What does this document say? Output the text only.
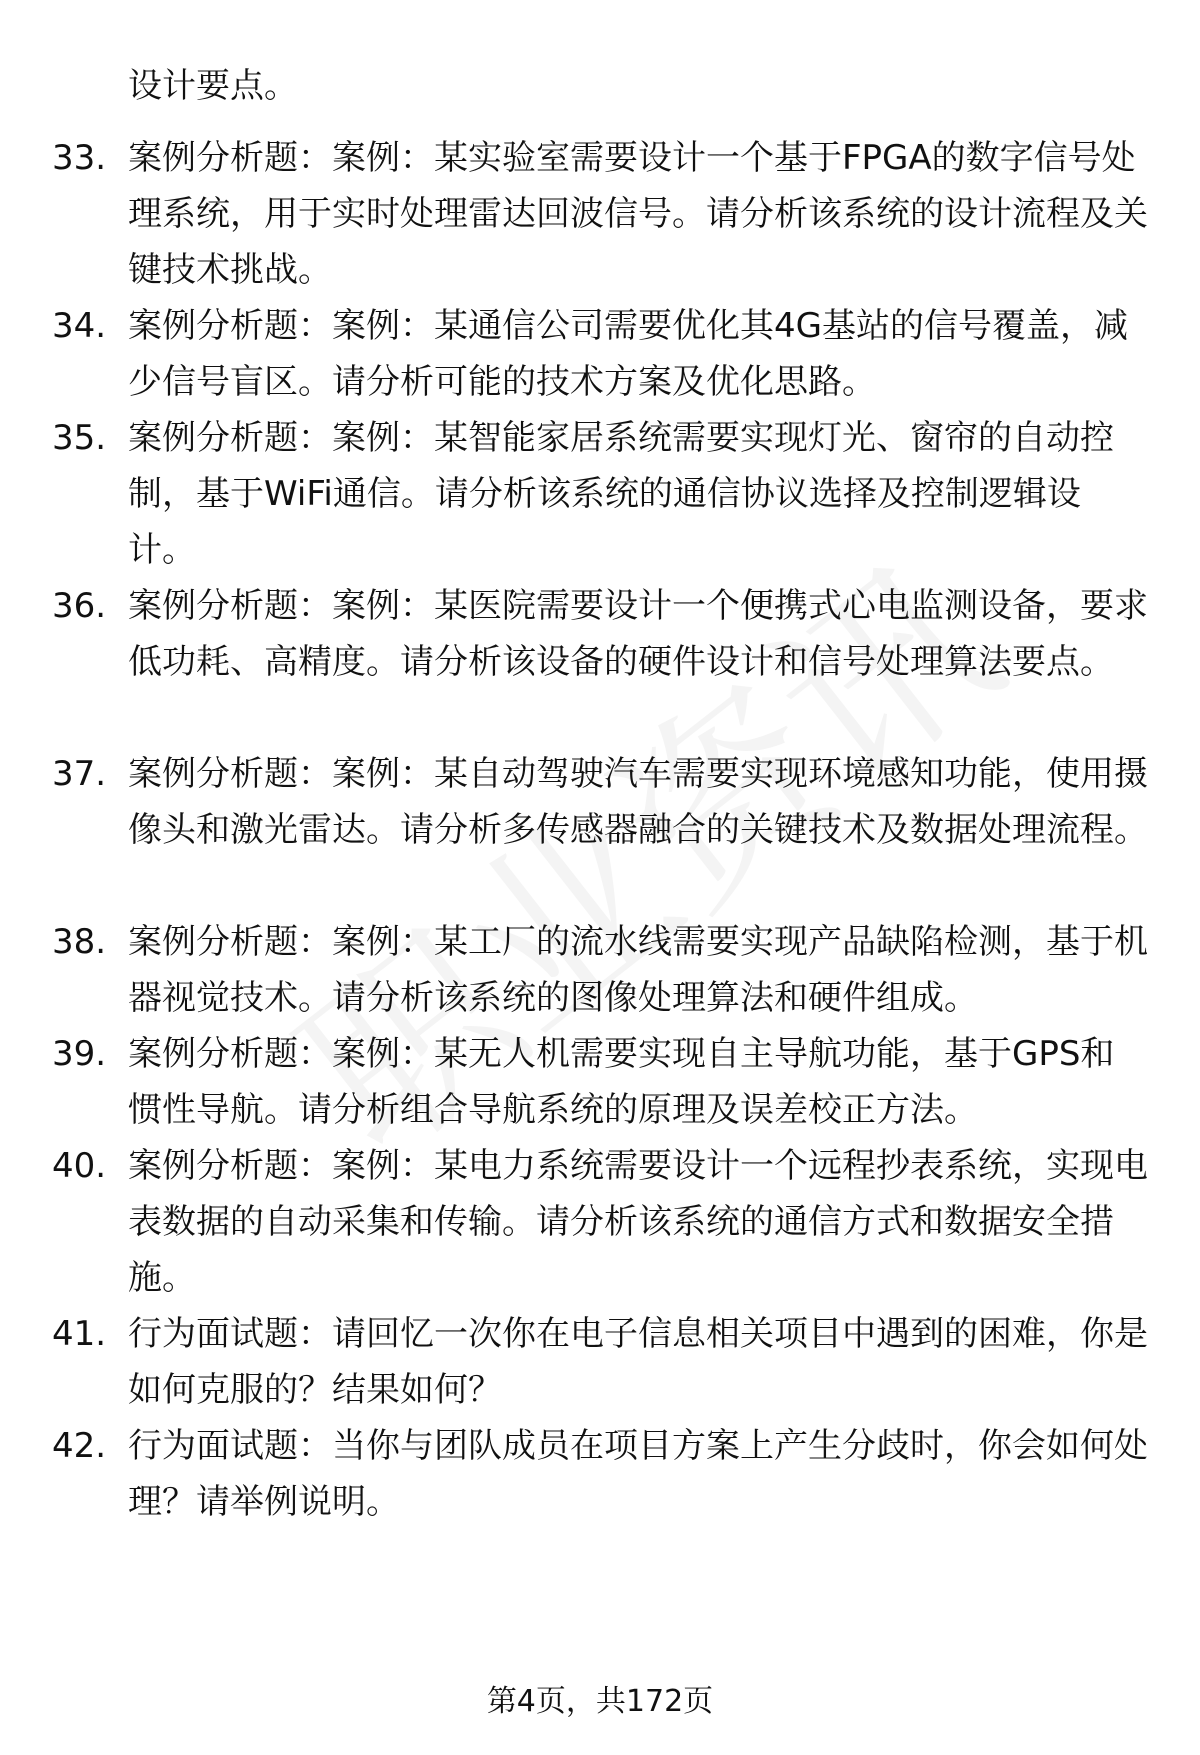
设计要点。
33. 案例分析题：案例：某实验室需要设计一个基于FPGA的数字信号处理系统，用于实时处理雷达回波信号。请分析该系统的设计流程及关键技术挑战。
34. 案例分析题：案例：某通信公司需要优化其4G基站的信号覆盖，减少信号盲区。请分析可能的技术方案及优化思路。
35. 案例分析题：案例：某智能家居系统需要实现灯光、窗帘的自动控制，基于WiFi通信。请分析该系统的通信协议选择及控制逻辑设计。
36. 案例分析题：案例：某医院需要设计一个便携式心电监测设备，要求低功耗、高精度。请分析该设备的硬件设计和信号处理算法要点。
37. 案例分析题：案例：某自动驾驶汽车需要实现环境感知功能，使用摄像头和激光雷达。请分析多传感器融合的关键技术及数据处理流程。
38. 案例分析题：案例：某工厂的流水线需要实现产品缺陷检测，基于机器视觉技术。请分析该系统的图像处理算法和硬件组成。
39. 案例分析题：案例：某无人机需要实现自主导航功能，基于GPS和惯性导航。请分析组合导航系统的原理及误差校正方法。
40. 案例分析题：案例：某电力系统需要设计一个远程抄表系统，实现电表数据的自动采集和传输。请分析该系统的通信方式和数据安全措施。
41. 行为面试题：请回忆一次你在电子信息相关项目中遇到的困难，你是如何克服的？结果如何？
42. 行为面试题：当你与团队成员在项目方案上产生分歧时，你会如何处理？请举例说明。
第4页，共172页
